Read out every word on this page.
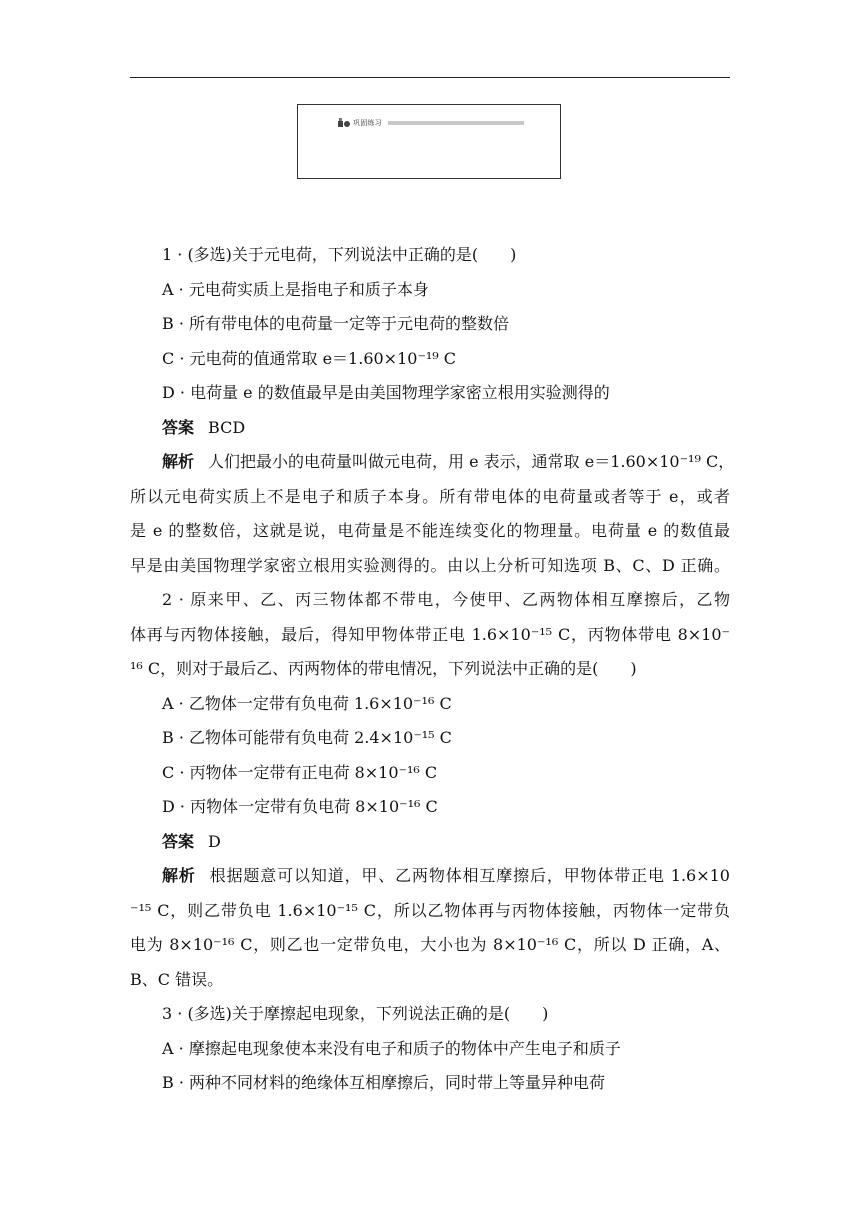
巩固练习
1 · (多选)关于元电荷，下列说法中正确的是(　　)
A · 元电荷实质上是指电子和质子本身
B · 所有带电体的电荷量一定等于元电荷的整数倍
C · 元电荷的值通常取 e＝1.60×10⁻¹⁹ C
D · 电荷量 e 的数值最早是由美国物理学家密立根用实验测得的
答案 BCD
解析 人们把最小的电荷量叫做元电荷，用 e 表示，通常取 e＝1.60×10⁻¹⁹ C，
所以元电荷实质上不是电子和质子本身。所有带电体的电荷量或者等于 e，或者
是 e 的整数倍，这就是说，电荷量是不能连续变化的物理量。电荷量 e 的数值最
早是由美国物理学家密立根用实验测得的。由以上分析可知选项 B、C、D 正确。
2 · 原来甲、乙、丙三物体都不带电，今使甲、乙两物体相互摩擦后，乙物
体再与丙物体接触，最后，得知甲物体带正电 1.6×10⁻¹⁵ C，丙物体带电 8×10⁻
¹⁶ C，则对于最后乙、丙两物体的带电情况，下列说法中正确的是(　　)
A · 乙物体一定带有负电荷 1.6×10⁻¹⁶ C
B · 乙物体可能带有负电荷 2.4×10⁻¹⁵ C
C · 丙物体一定带有正电荷 8×10⁻¹⁶ C
D · 丙物体一定带有负电荷 8×10⁻¹⁶ C
答案 D
解析 根据题意可以知道，甲、乙两物体相互摩擦后，甲物体带正电 1.6×10
⁻¹⁵ C，则乙带负电 1.6×10⁻¹⁵ C，所以乙物体再与丙物体接触，丙物体一定带负
电为 8×10⁻¹⁶ C，则乙也一定带负电，大小也为 8×10⁻¹⁶ C，所以 D 正确，A、
B、C 错误。
3 · (多选)关于摩擦起电现象，下列说法正确的是(　　)
A · 摩擦起电现象使本来没有电子和质子的物体中产生电子和质子
B · 两种不同材料的绝缘体互相摩擦后，同时带上等量异种电荷
